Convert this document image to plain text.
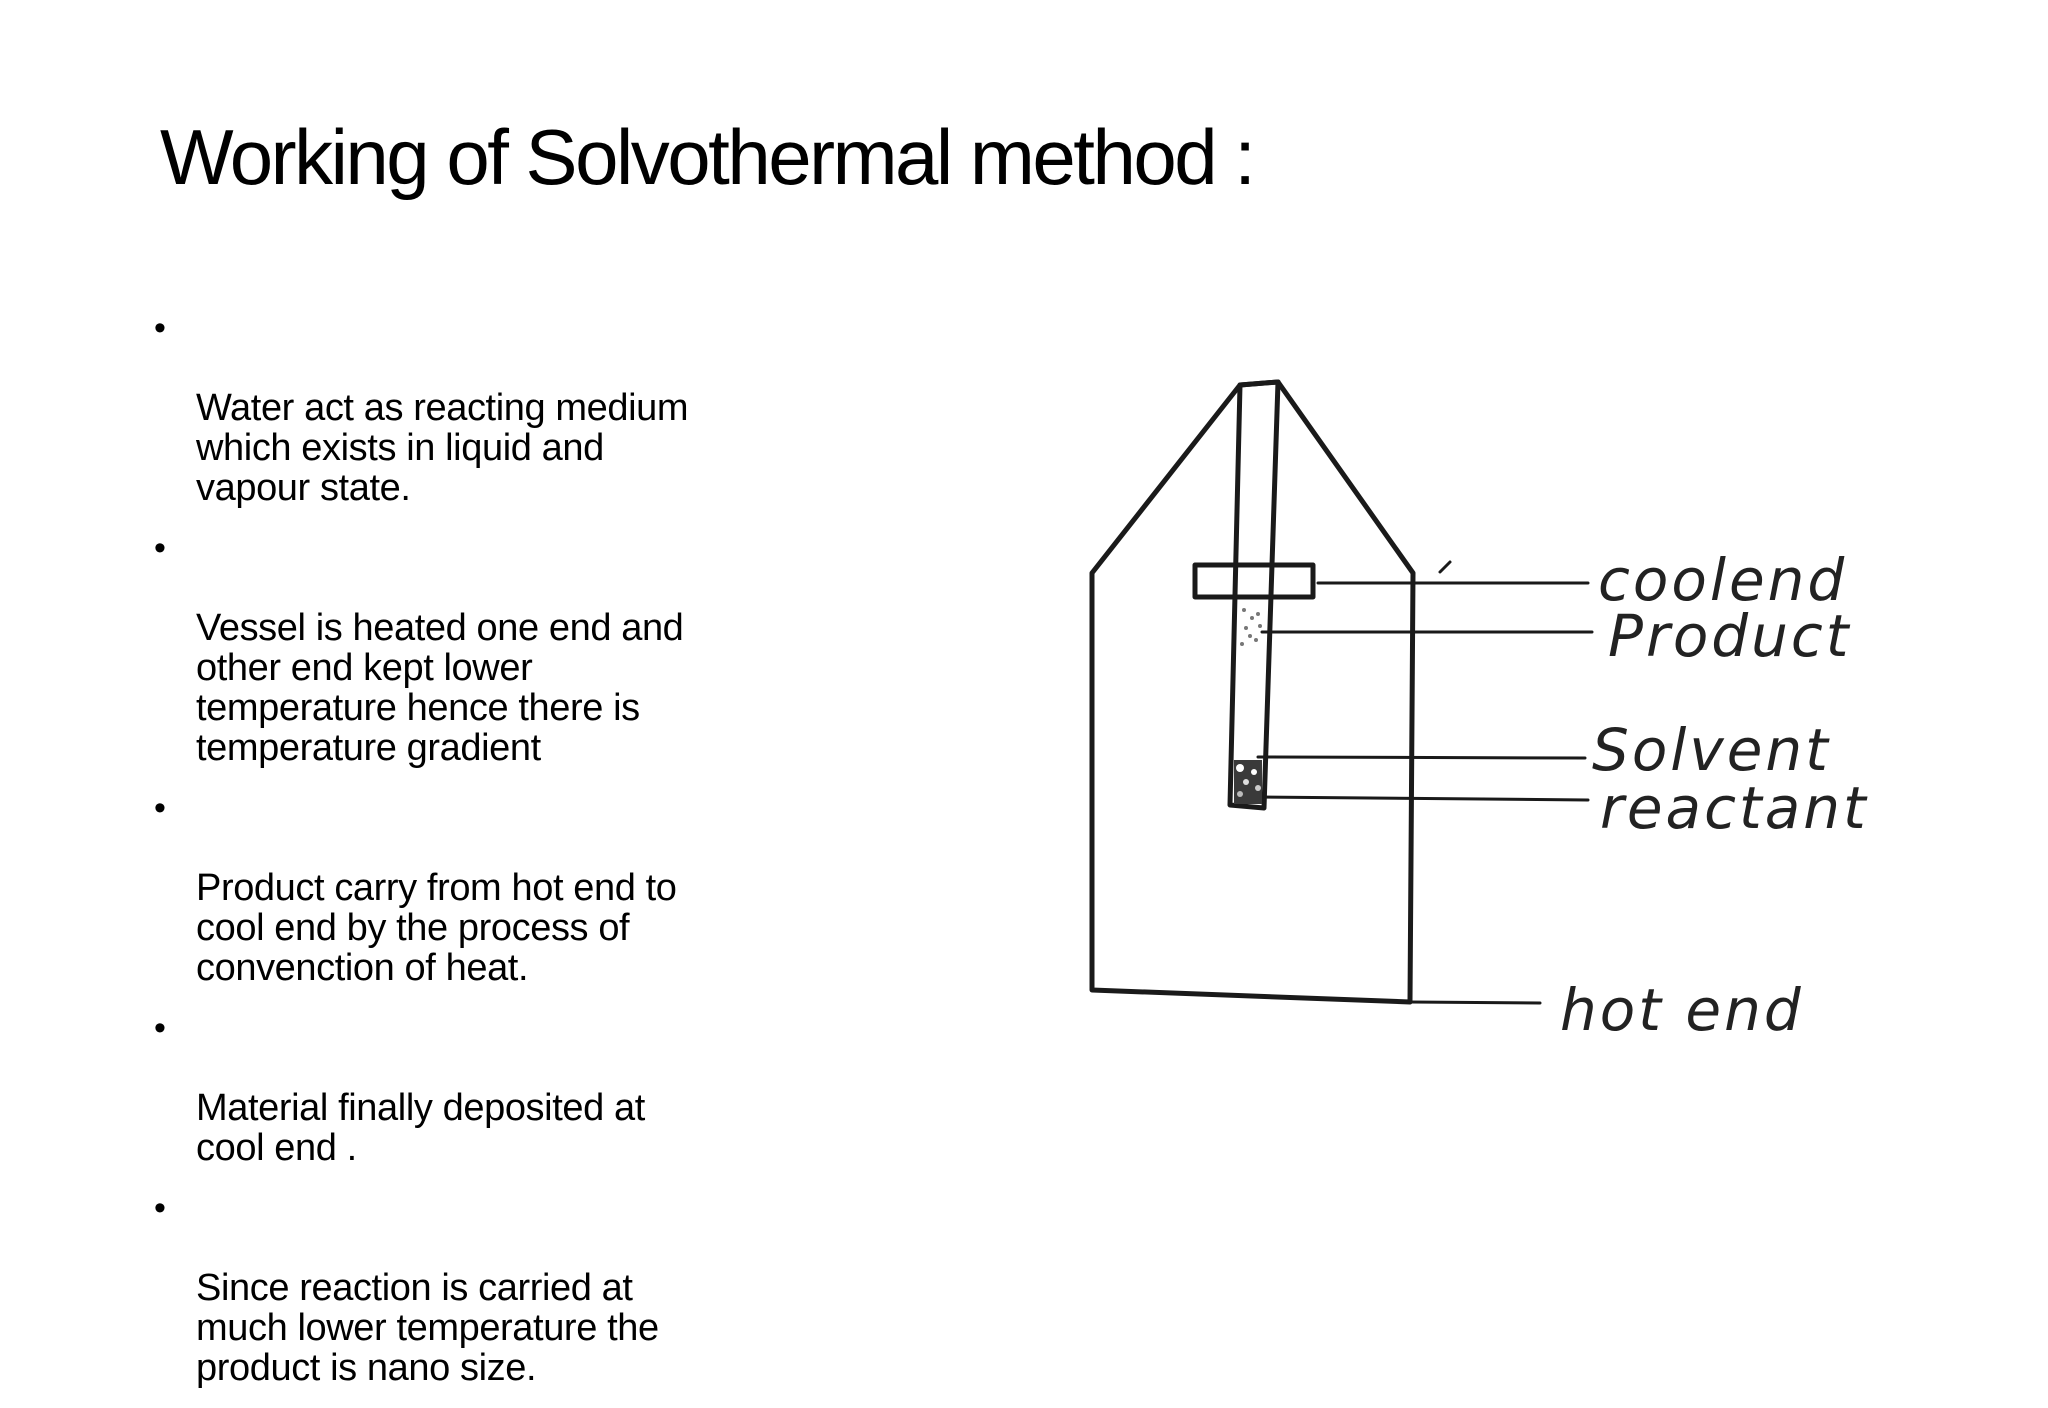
Working of Solvothermal method :

•

Water act as reacting medium
which exists in liquid and
vapour state.

•

Vessel is heated one end and
other end kept lower
temperature hence there is
temperature gradient

•

Product carry from hot end to
cool end by the process of
convenction of heat.

•

Material finally deposited at
cool end .

•

Since reaction is carried at
much lower temperature the
product is nano size.

coolend
Product
Solvent
reactant
hot end
